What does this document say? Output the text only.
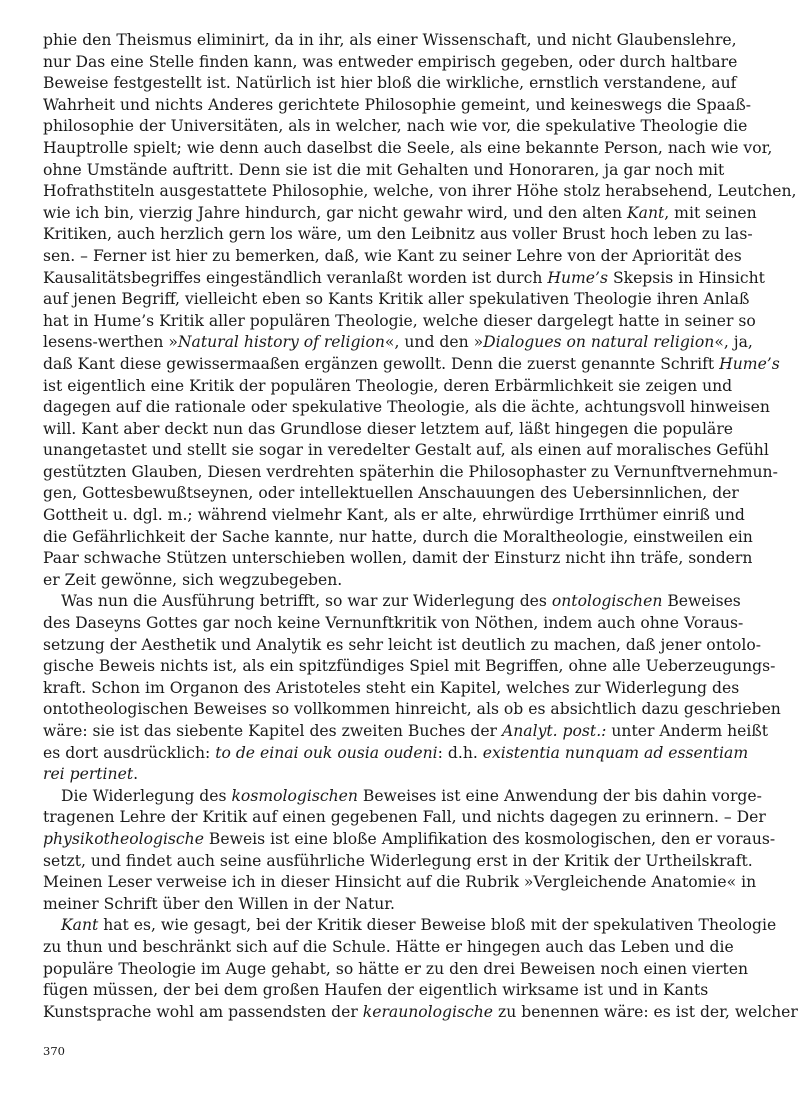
phie den Theismus eliminirt, da in ihr, als einer Wissenschaft, und nicht Glaubenslehre,
nur Das eine Stelle finden kann, was entweder empirisch gegeben, oder durch haltbare
Beweise festgestellt ist. Natürlich ist hier bloß die wirkliche, ernstlich verstandene, auf
Wahrheit und nichts Anderes gerichtete Philosophie gemeint, und keineswegs die Spaaß-
philosophie der Universitäten, als in welcher, nach wie vor, die spekulative Theologie die
Hauptrolle spielt; wie denn auch daselbst die Seele, als eine bekannte Person, nach wie vor,
ohne Umstände auftritt. Denn sie ist die mit Gehalten und Honoraren, ja gar noch mit
Hofrathstiteln ausgestattete Philosophie, welche, von ihrer Höhe stolz herabsehend, Leutchen,
wie ich bin, vierzig Jahre hindurch, gar nicht gewahr wird, und den alten Kant, mit seinen
Kritiken, auch herzlich gern los wäre, um den Leibnitz aus voller Brust hoch leben zu las-
sen. – Ferner ist hier zu bemerken, daß, wie Kant zu seiner Lehre von der Apriorität des
Kausalitätsbegriffes eingeständlich veranlaßt worden ist durch Hume’s Skepsis in Hinsicht
auf jenen Begriff, vielleicht eben so Kants Kritik aller spekulativen Theologie ihren Anlaß
hat in Hume’s Kritik aller populären Theologie, welche dieser dargelegt hatte in seiner so
lesens-werthen »Natural history of religion«, und den »Dialogues on natural religion«, ja,
daß Kant diese gewissermaaßen ergänzen gewollt. Denn die zuerst genannte Schrift Hume’s
ist eigentlich eine Kritik der populären Theologie, deren Erbärmlichkeit sie zeigen und
dagegen auf die rationale oder spekulative Theologie, als die ächte, achtungsvoll hinweisen
will. Kant aber deckt nun das Grundlose dieser letztem auf, läßt hingegen die populäre
unangetastet und stellt sie sogar in veredelter Gestalt auf, als einen auf moralisches Gefühl
gestützten Glauben, Diesen verdrehten späterhin die Philosophaster zu Vernunftvernehmun-
gen, Gottesbewußtseynen, oder intellektuellen Anschauungen des Uebersinnlichen, der
Gottheit u. dgl. m.; während vielmehr Kant, als er alte, ehrwürdige Irrthümer einriß und
die Gefährlichkeit der Sache kannte, nur hatte, durch die Moraltheologie, einstweilen ein
Paar schwache Stützen unterschieben wollen, damit der Einsturz nicht ihn träfe, sondern
er Zeit gewönne, sich wegzubegeben.
Was nun die Ausführung betrifft, so war zur Widerlegung des ontologischen Beweises
des Daseyns Gottes gar noch keine Vernunftkritik von Nöthen, indem auch ohne Voraus-
setzung der Aesthetik und Analytik es sehr leicht ist deutlich zu machen, daß jener ontolo-
gische Beweis nichts ist, als ein spitzfündiges Spiel mit Begriffen, ohne alle Ueberzeugungs-
kraft. Schon im Organon des Aristoteles steht ein Kapitel, welches zur Widerlegung des
ontotheologischen Beweises so vollkommen hinreicht, als ob es absichtlich dazu geschrieben
wäre: sie ist das siebente Kapitel des zweiten Buches der Analyt. post.: unter Anderm heißt
es dort ausdrücklich: to de einai ouk ousia oudeni: d.h. existentia nunquam ad essentiam
rei pertinet.
Die Widerlegung des kosmologischen Beweises ist eine Anwendung der bis dahin vorge-
tragenen Lehre der Kritik auf einen gegebenen Fall, und nichts dagegen zu erinnern. – Der
physikotheologische Beweis ist eine bloße Amplifikation des kosmologischen, den er voraus-
setzt, und findet auch seine ausführliche Widerlegung erst in der Kritik der Urtheilskraft.
Meinen Leser verweise ich in dieser Hinsicht auf die Rubrik »Vergleichende Anatomie« in
meiner Schrift über den Willen in der Natur.
Kant hat es, wie gesagt, bei der Kritik dieser Beweise bloß mit der spekulativen Theologie
zu thun und beschränkt sich auf die Schule. Hätte er hingegen auch das Leben und die
populäre Theologie im Auge gehabt, so hätte er zu den drei Beweisen noch einen vierten
fügen müssen, der bei dem großen Haufen der eigentlich wirksame ist und in Kants
Kunstsprache wohl am passendsten der keraunologische zu benennen wäre: es ist der, welcher
370
